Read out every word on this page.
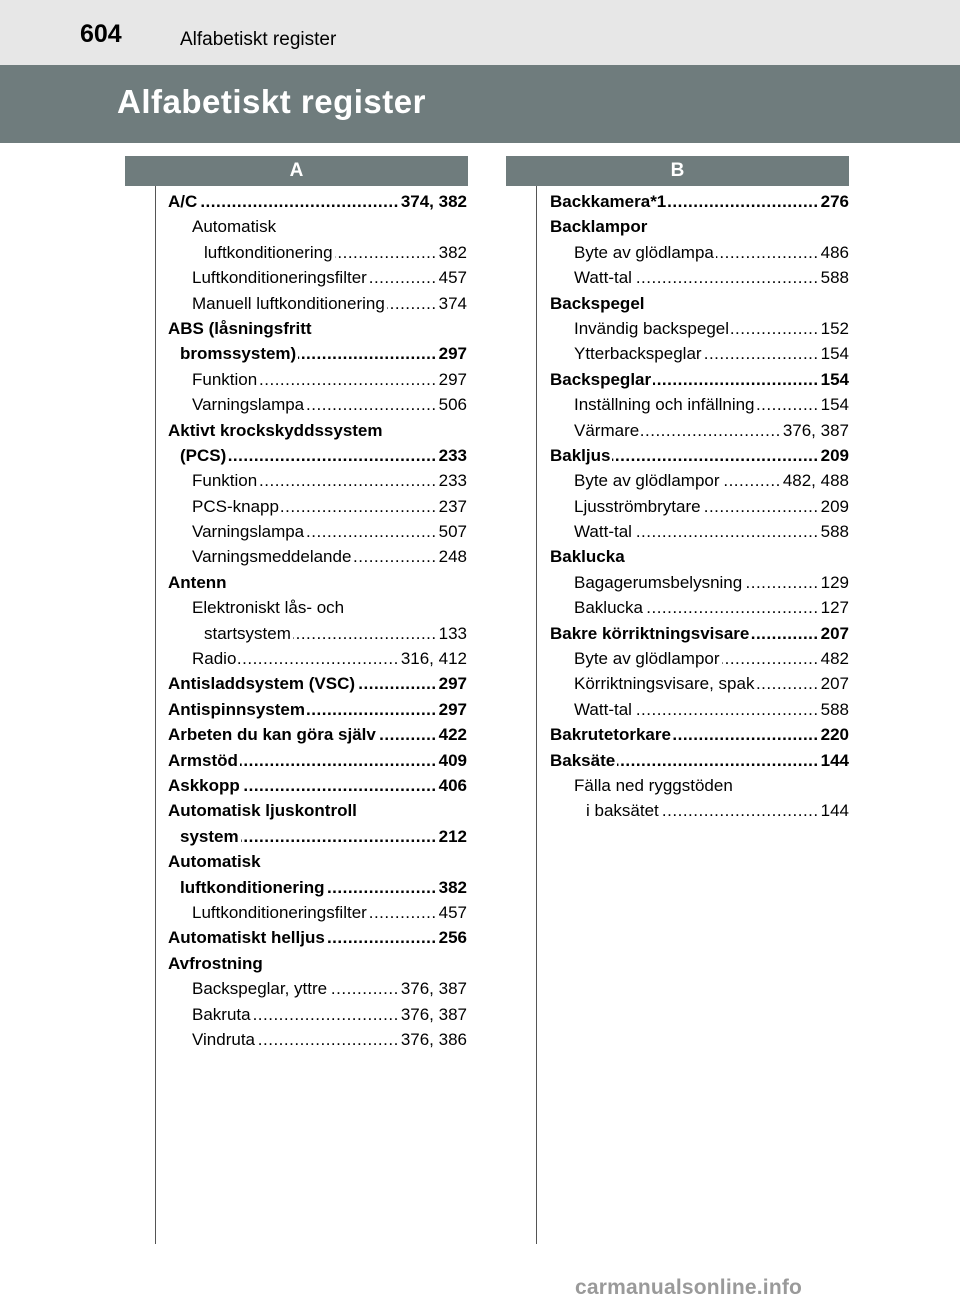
604	Alfabetiskt register
Alfabetiskt register
A	B
A/C .....	374, 382
Automatisk
luftkonditionering .....	382
Luftkonditioneringsfilter .....	457
Manuell luftkonditionering .....	374
ABS (låsningsfritt
bromssystem) .....	297
Funktion .....	297
Varningslampa .....	506
Aktivt krockskyddssystem
(PCS) .....	233
Funktion .....	233
PCS-knapp .....	237
Varningslampa .....	507
Varningsmeddelande .....	248
Antenn
Elektroniskt lås- och
startsystem .....	133
Radio .....	316, 412
Antisladdsystem (VSC) .....	297
Antispinnsystem .....	297
Arbeten du kan göra själv .....	422
Armstöd .....	409
Askkopp .....	406
Automatisk ljuskontroll
system .....	212
Automatisk
luftkonditionering .....	382
Luftkonditioneringsfilter .....	457
Automatiskt helljus .....	256
Avfrostning
Backspeglar, yttre .....	376, 387
Bakruta .....	376, 387
Vindruta .....	376, 386
Backkamera*1 .....	276
Backlampor
Byte av glödlampa .....	486
Watt-tal .....	588
Backspegel
Invändig backspegel .....	152
Ytterbackspeglar .....	154
Backspeglar .....	154
Inställning och infällning .....	154
Värmare .....	376, 387
Bakljus .....	209
Byte av glödlampor .....	482, 488
Ljusströmbrytare .....	209
Watt-tal .....	588
Baklucka
Bagagerumsbelysning .....	129
Baklucka .....	127
Bakre körriktningsvisare .....	207
Byte av glödlampor .....	482
Körriktningsvisare, spak .....	207
Watt-tal .....	588
Bakrutetorkare .....	220
Baksäte .....	144
Fälla ned ryggstöden
i baksätet .....	144
carmanualsonline.info
